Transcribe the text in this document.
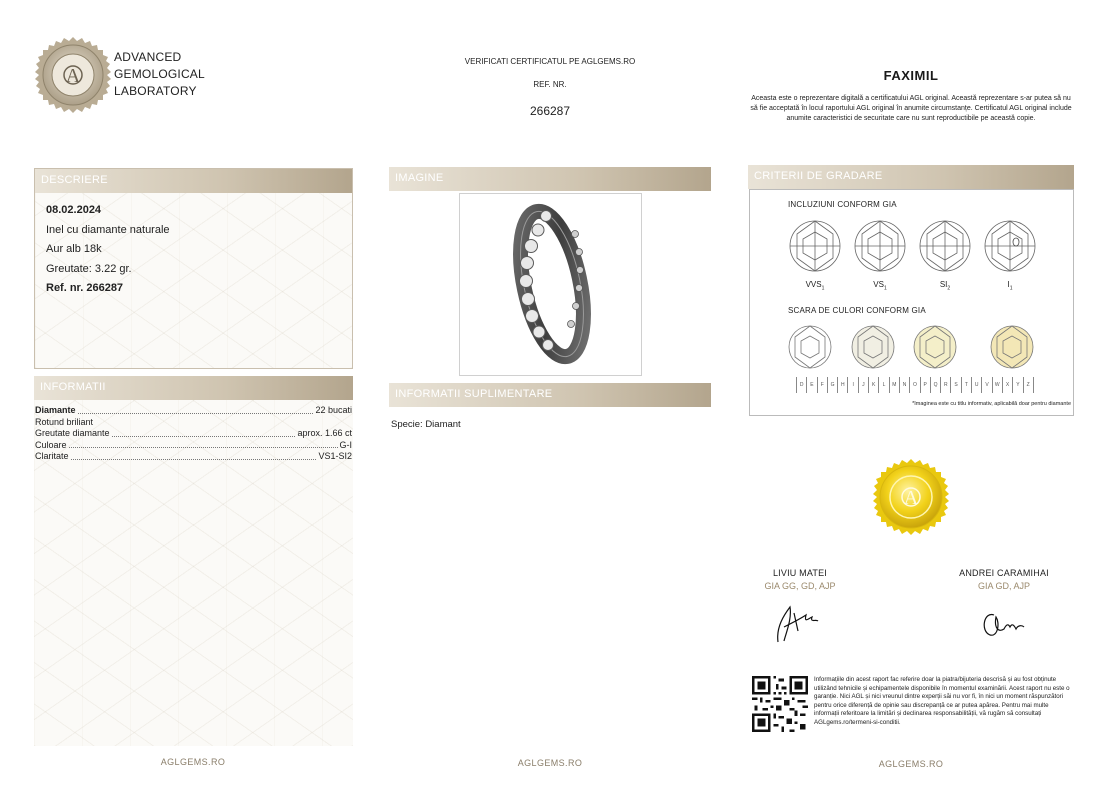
A
ADVANCED
GEMOLOGICAL
LABORATORY
VERIFICATI CERTIFICATUL PE AGLGEMS.RO
REF. NR.
266287
FAXIMIL
Aceasta este o reprezentare digitală a certificatului AGL original. Această reprezentare s-ar putea să nu să fie acceptată în locul raportului AGL original în anumite circumstanțe. Certificatul AGL original include anumite caracteristici de securitate care nu sunt reproductibile pe această copie.
DESCRIERE
08.02.2024
Inel cu diamante naturale
Aur alb 18k
Greutate: 3.22 gr.
Ref. nr. 266287
INFORMATII
Diamante	22 bucati
Rotund briliant
Greutate diamante	aprox. 1.66 ct
Culoare	G-I
Claritate	VS1-SI2
IMAGINE
INFORMATII SUPLIMENTARE
Specie: Diamant
CRITERII DE GRADARE
INCLUZIUNI CONFORM GIA
$VVS_1$	$VS_1$	$SI_2$	$I_1$
SCARA DE CULORI CONFORM GIA
D	E	F	G	H	I	J	K	L	M	N	O	P	Q	R	S	T	U	V	W	X	Y	Z
*Imaginea este cu titlu informativ, aplicabilă doar pentru diamante
A
LIVIU MATEI
GIA GG, GD, AJP
ANDREI CARAMIHAI
GIA GD, AJP
Informațiile din acest raport fac referire doar la piatra/bijuteria descrisă și au fost obținute utilizând tehnicile și echipamentele disponibile în momentul examinării. Acest raport nu este o garanție. Nici AGL și nici vreunul dintre experții săi nu vor fi, în nici un moment răspunzători pentru orice diferență de opinie sau discrepanță ce ar putea apărea. Pentru mai multe informații referitoare la limitări și declinarea responsabilității, vă rugăm să consultați AGLgems.ro/termeni-si-conditii.
AGLGEMS.RO	AGLGEMS.RO	AGLGEMS.RO
